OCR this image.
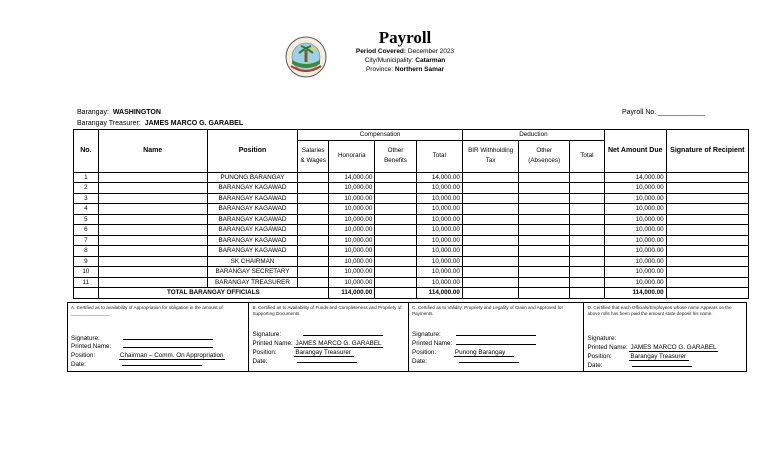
Payroll
Period Covered: December 2023
City/Municipality: Catarman
Province: Northern Samar
Barangay: WASHINGTON
Barangay Treasurer: JAMES MARCO G. GARABEL
Payroll No. ____________
No.	Name	Position	Compensation				Deduction			Net Amount Due	Signature of Recipient
			Salaries & Wages	Honoraria	Other Benefits	Total	BIR Withholding Tax	Other (Absences)	Total		
1		PUNONG BARANGAY		14,000.00		14,000.00				14,000.00	
2		BARANGAY KAGAWAD		10,000.00		10,000.00				10,000.00	
3		BARANGAY KAGAWAD		10,000.00		10,000.00				10,000.00	
4		BARANGAY KAGAWAD		10,000.00		10,000.00				10,000.00	
5		BARANGAY KAGAWAD		10,000.00		10,000.00				10,000.00	
6		BARANGAY KAGAWAD		10,000.00		10,000.00				10,000.00	
7		BARANGAY KAGAWAD		10,000.00		10,000.00				10,000.00	
8		BARANGAY KAGAWAD		10,000.00		10,000.00				10,000.00	
9		SK CHAIRMAN		10,000.00		10,000.00				10,000.00	
10		BARANGAY SECRETARY		10,000.00		10,000.00				10,000.00	
11		BARANGAY TREASURER		10,000.00		10,000.00				10,000.00	
	TOTAL BARANGAY OFFICIALS			114,000.00		114,000.00				114,000.00	
A. Certified as to availability of Appropriation for obligation in the amount of _______________.
Signature:
Printed Name:
Position:	Chairman – Comm. On Appropriation
Date:
B. Certified as to Availability of Funds and Completeness and Propriety of Supporting Documents.
Signature:
Printed Name: JAMES MARCO G. GARABEL
Position:	Barangay Treasurer
Date:
C. Certified as to Validity, Propriety and Legality of Claim and Approved for Payments.
Signature:
Printed Name:
Position:	Punong Barangay
Date:
D. Certified that each Officials/Employees whose name Appears on the above rolls has been paid the amount state deposit his name.
Signature:
Printed Name: JAMES MARCO G. GARABEL
Position:	Barangay Treasurer
Date:
